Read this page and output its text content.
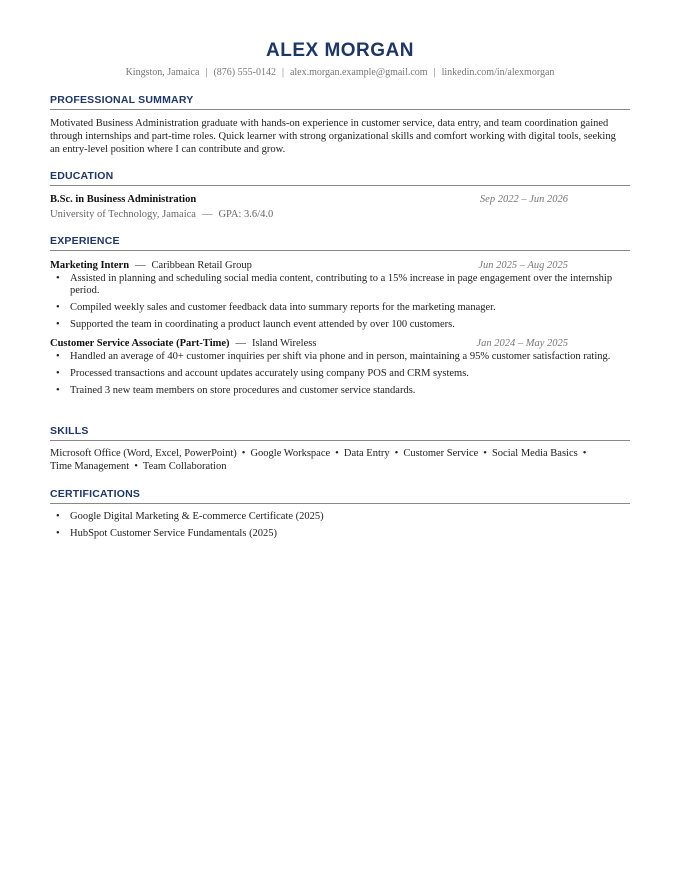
ALEX MORGAN
Kingston, Jamaica | (876) 555-0142 | alex.morgan.example@gmail.com | linkedin.com/in/alexmorgan
PROFESSIONAL SUMMARY
Motivated Business Administration graduate with hands-on experience in customer service, data entry, and team coordination gained through internships and part-time roles. Quick learner with strong organizational skills and comfort working with digital tools, seeking an entry-level position where I can contribute and grow.
EDUCATION
B.Sc. in Business Administration	Sep 2022 – Jun 2026
University of Technology, Jamaica — GPA: 3.6/4.0
EXPERIENCE
Marketing Intern — Caribbean Retail Group	Jun 2025 – Aug 2025
• Assisted in planning and scheduling social media content, contributing to a 15% increase in page engagement over the internship period.
• Compiled weekly sales and customer feedback data into summary reports for the marketing manager.
• Supported the team in coordinating a product launch event attended by over 100 customers.
Customer Service Associate (Part-Time) — Island Wireless	Jan 2024 – May 2025
• Handled an average of 40+ customer inquiries per shift via phone and in person, maintaining a 95% customer satisfaction rating.
• Processed transactions and account updates accurately using company POS and CRM systems.
• Trained 3 new team members on store procedures and customer service standards.
SKILLS
Microsoft Office (Word, Excel, PowerPoint) • Google Workspace • Data Entry • Customer Service • Social Media Basics •
Time Management • Team Collaboration
CERTIFICATIONS
• Google Digital Marketing & E-commerce Certificate (2025)
• HubSpot Customer Service Fundamentals (2025)
